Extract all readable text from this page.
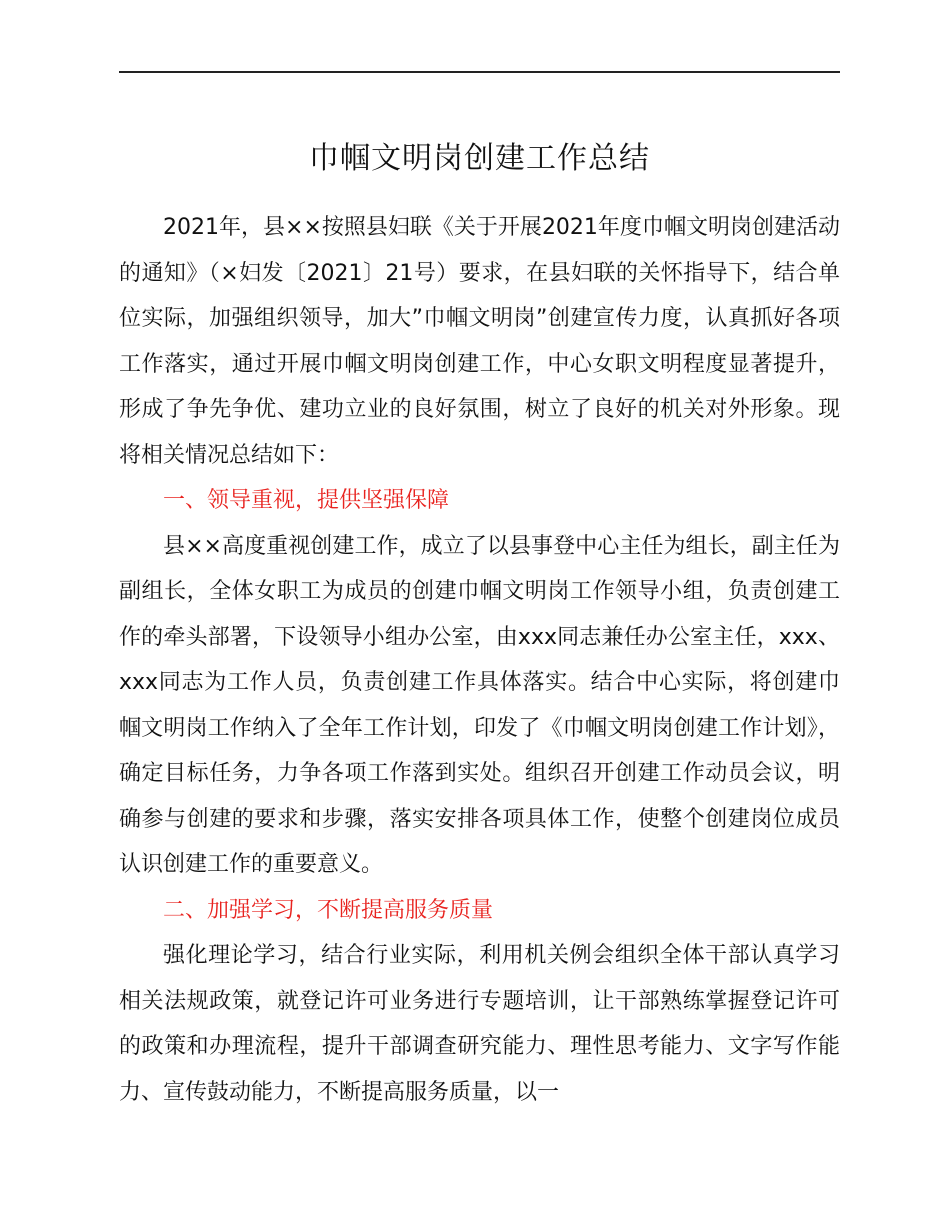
巾帼文明岗创建工作总结

2021年，县××按照县妇联《关于开展2021年度巾帼文明岗创建活动的通知》（×妇发〔2021〕21号）要求，在县妇联的关怀指导下，结合单位实际，加强组织领导，加大”巾帼文明岗”创建宣传力度，认真抓好各项工作落实，通过开展巾帼文明岗创建工作，中心女职文明程度显著提升，形成了争先争优、建功立业的良好氛围，树立了良好的机关对外形象。现将相关情况总结如下：

一、领导重视，提供坚强保障

县××高度重视创建工作，成立了以县事登中心主任为组长，副主任为副组长，全体女职工为成员的创建巾帼文明岗工作领导小组，负责创建工作的牵头部署，下设领导小组办公室，由xxx同志兼任办公室主任，xxx、xxx同志为工作人员，负责创建工作具体落实。结合中心实际，将创建巾帼文明岗工作纳入了全年工作计划，印发了《巾帼文明岗创建工作计划》，确定目标任务，力争各项工作落到实处。组织召开创建工作动员会议，明确参与创建的要求和步骤，落实安排各项具体工作，使整个创建岗位成员认识创建工作的重要意义。

二、加强学习，不断提高服务质量

强化理论学习，结合行业实际，利用机关例会组织全体干部认真学习相关法规政策，就登记许可业务进行专题培训，让干部熟练掌握登记许可的政策和办理流程，提升干部调查研究能力、理性思考能力、文字写作能力、宣传鼓动能力，不断提高服务质量，以一
